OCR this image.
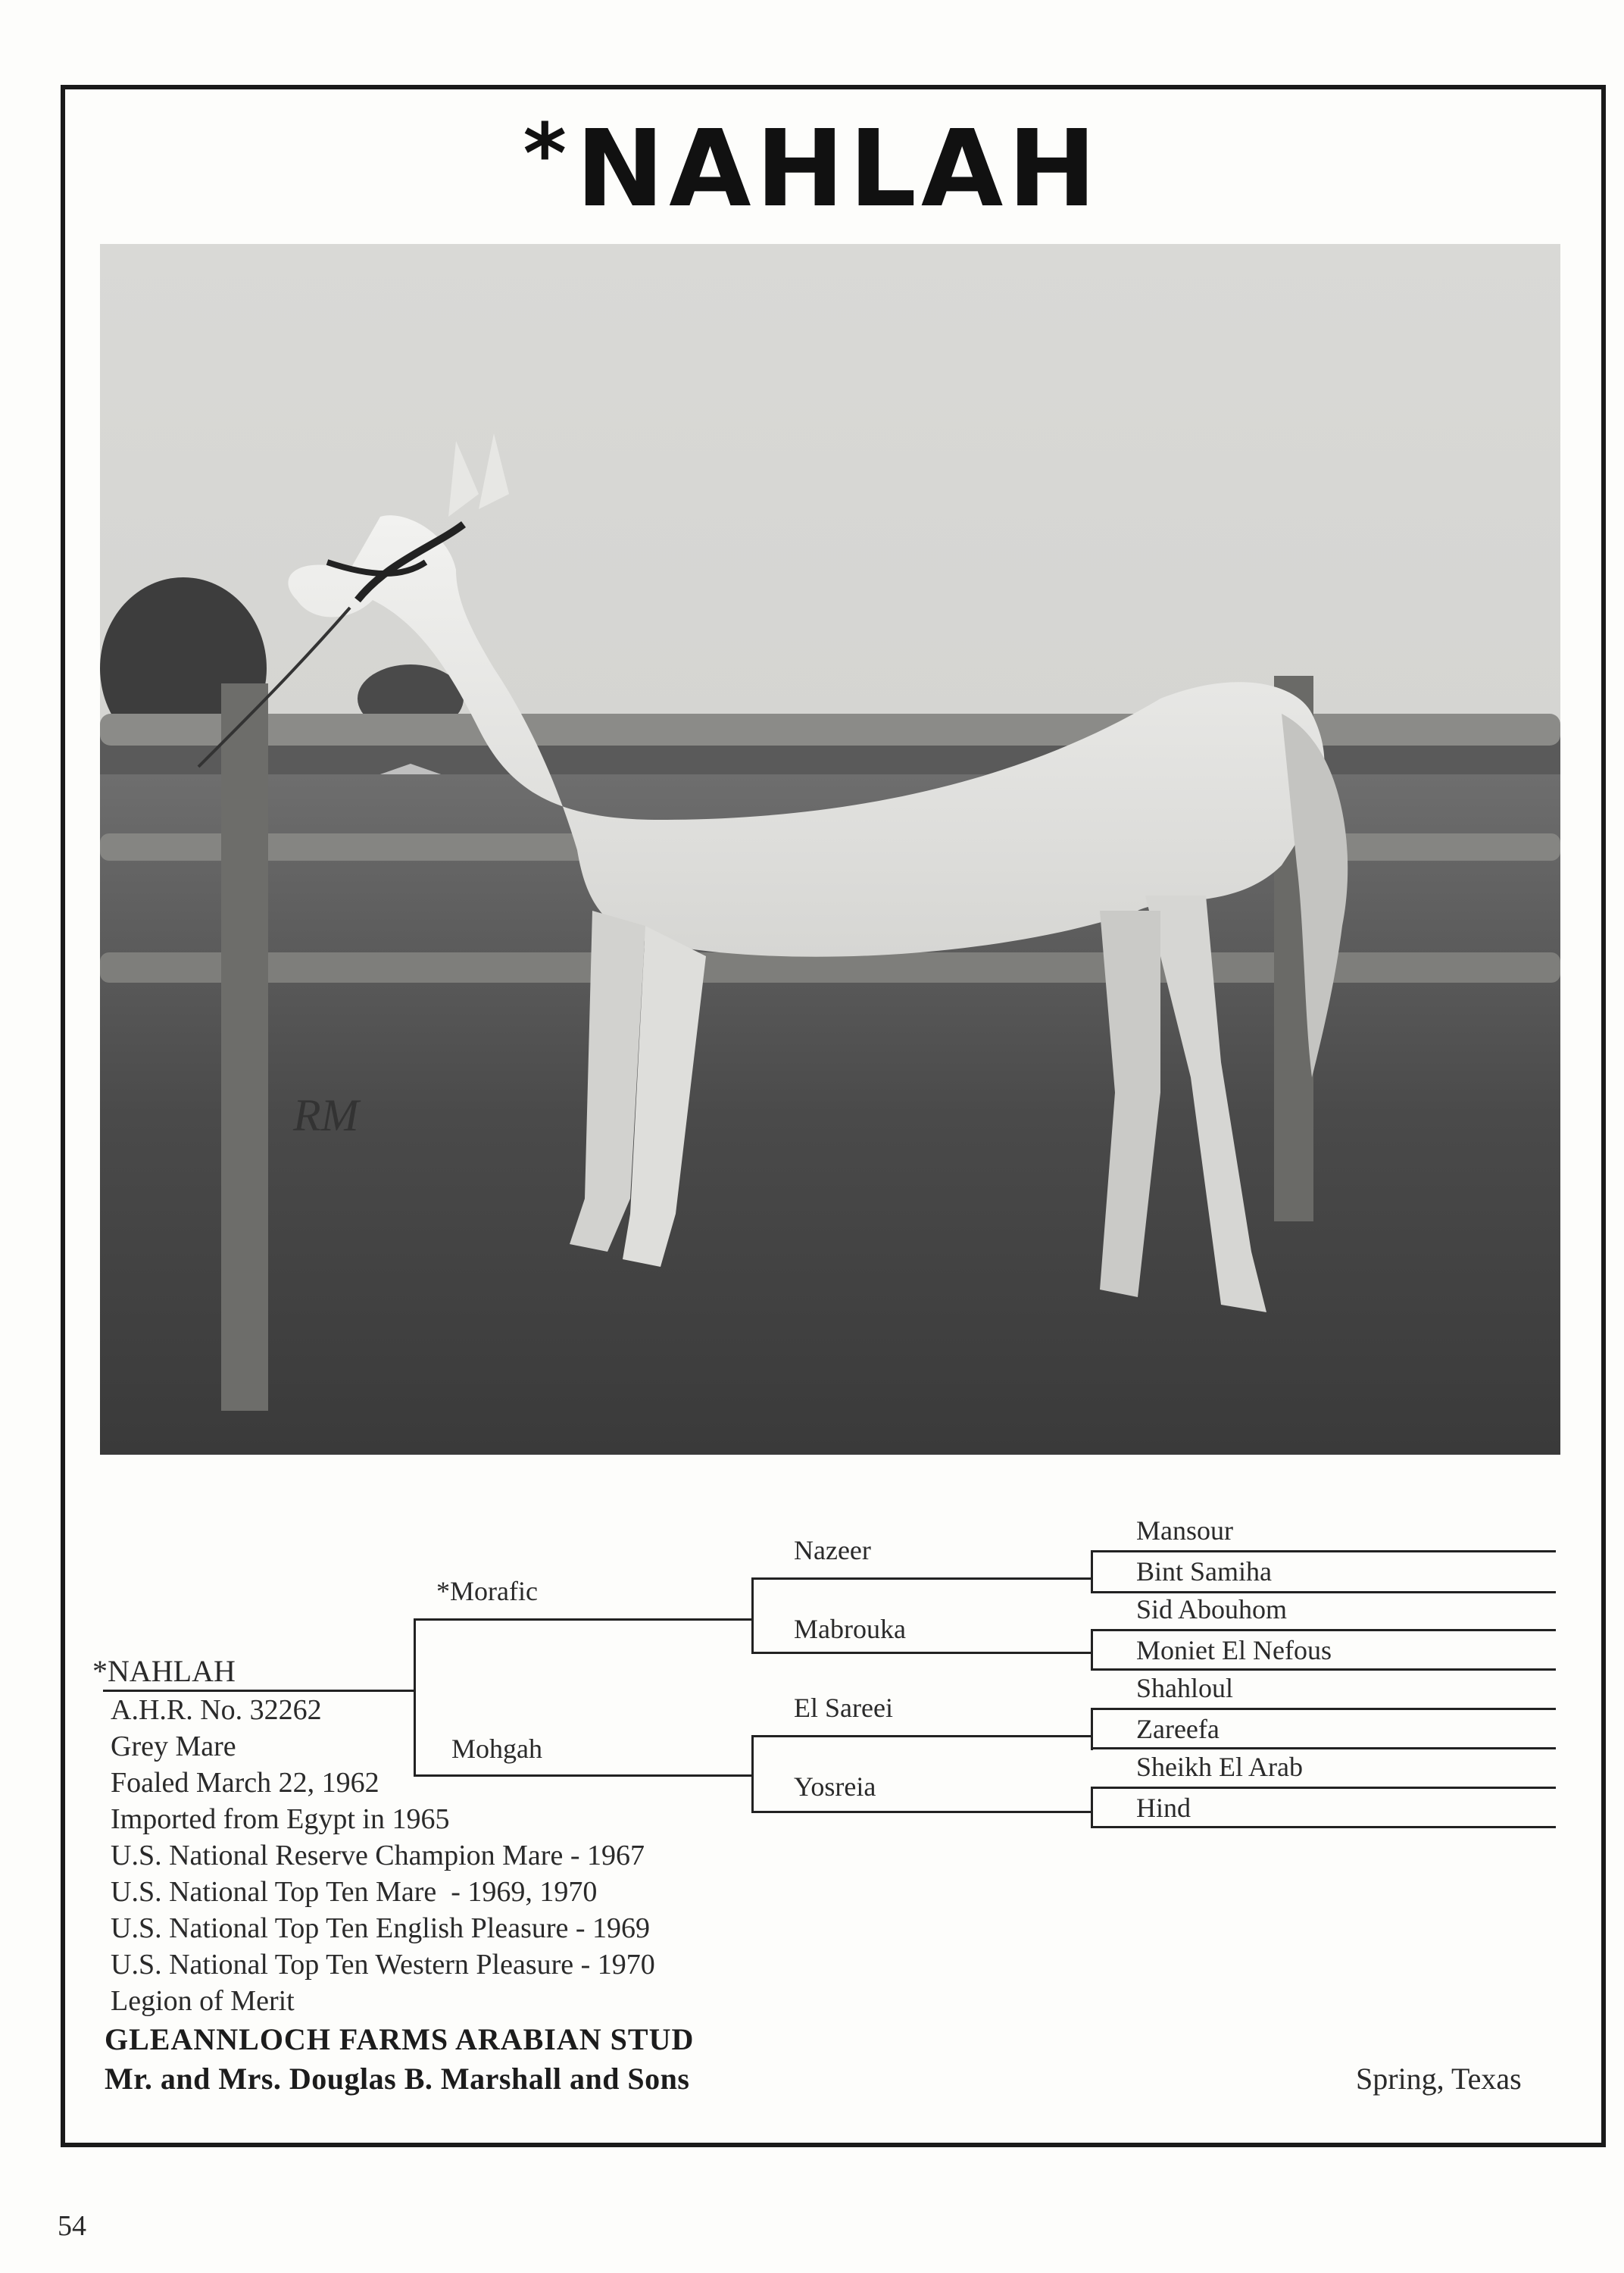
*NAHLAH
RM
*Morafic
Mohgah
Nazeer
Mabrouka
El Sareei
Yosreia
Mansour
Bint Samiha
Sid Abouhom
Moniet El Nefous
Shahloul
Zareefa
Sheikh El Arab
Hind
*NAHLAH
A.H.R. No. 32262
Grey Mare
Foaled March 22, 1962
Imported from Egypt in 1965
U.S. National Reserve Champion Mare - 1967
U.S. National Top Ten Mare  - 1969, 1970
U.S. National Top Ten English Pleasure - 1969
U.S. National Top Ten Western Pleasure - 1970
Legion of Merit
GLEANNLOCH FARMS ARABIAN STUD
Mr. and Mrs. Douglas B. Marshall and Sons	Spring, Texas
54
